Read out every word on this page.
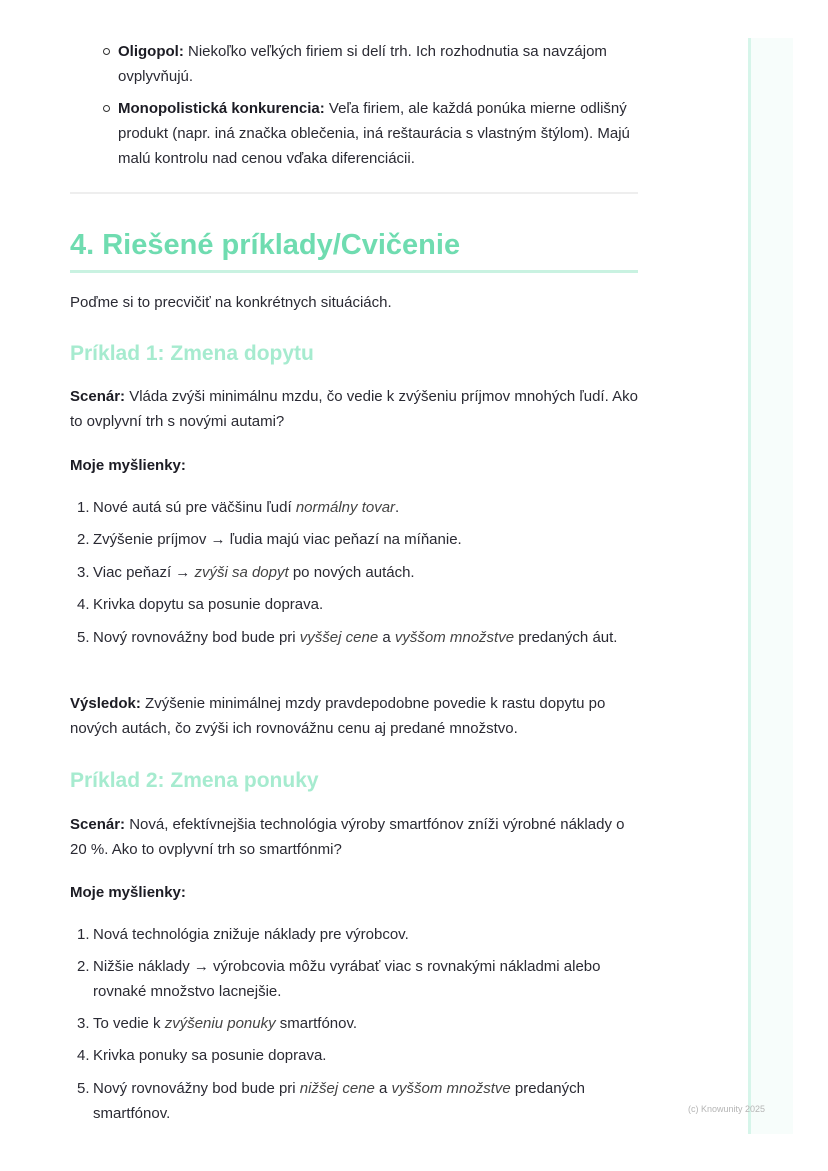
Oligopol: Niekoľko veľkých firiem si delí trh. Ich rozhodnutia sa navzájom ovplyvňujú.
Monopolistická konkurencia: Veľa firiem, ale každá ponúka mierne odlišný produkt (napr. iná značka oblečenia, iná reštaurácia s vlastným štýlom). Majú malú kontrolu nad cenou vďaka diferenciácii.
4. Riešené príklady/Cvičenie
Poďme si to precvičiť na konkrétnych situáciách.
Príklad 1: Zmena dopytu
Scenár: Vláda zvýši minimálnu mzdu, čo vedie k zvýšeniu príjmov mnohých ľudí. Ako to ovplyvní trh s novými autami?
Moje myšlienky:
1. Nové autá sú pre väčšinu ľudí normálny tovar.
2. Zvýšenie príjmov → ľudia majú viac peňazí na míňanie.
3. Viac peňazí → zvýši sa dopyt po nových autách.
4. Krivka dopytu sa posunie doprava.
5. Nový rovnovážny bod bude pri vyššej cene a vyššom množstve predaných áut.
Výsledok: Zvýšenie minimálnej mzdy pravdepodobne povedie k rastu dopytu po nových autách, čo zvýši ich rovnovážnu cenu aj predané množstvo.
Príklad 2: Zmena ponuky
Scenár: Nová, efektívnejšia technológia výroby smartfónov zníži výrobné náklady o 20 %. Ako to ovplyvní trh so smartfónmi?
Moje myšlienky:
1. Nová technológia znižuje náklady pre výrobcov.
2. Nižšie náklady → výrobcovia môžu vyrábať viac s rovnakými nákladmi alebo rovnaké množstvo lacnejšie.
3. To vedie k zvýšeniu ponuky smartfónov.
4. Krivka ponuky sa posunie doprava.
5. Nový rovnovážny bod bude pri nižšej cene a vyššom množstve predaných smartfónov.	(c) Knowunity 2025
